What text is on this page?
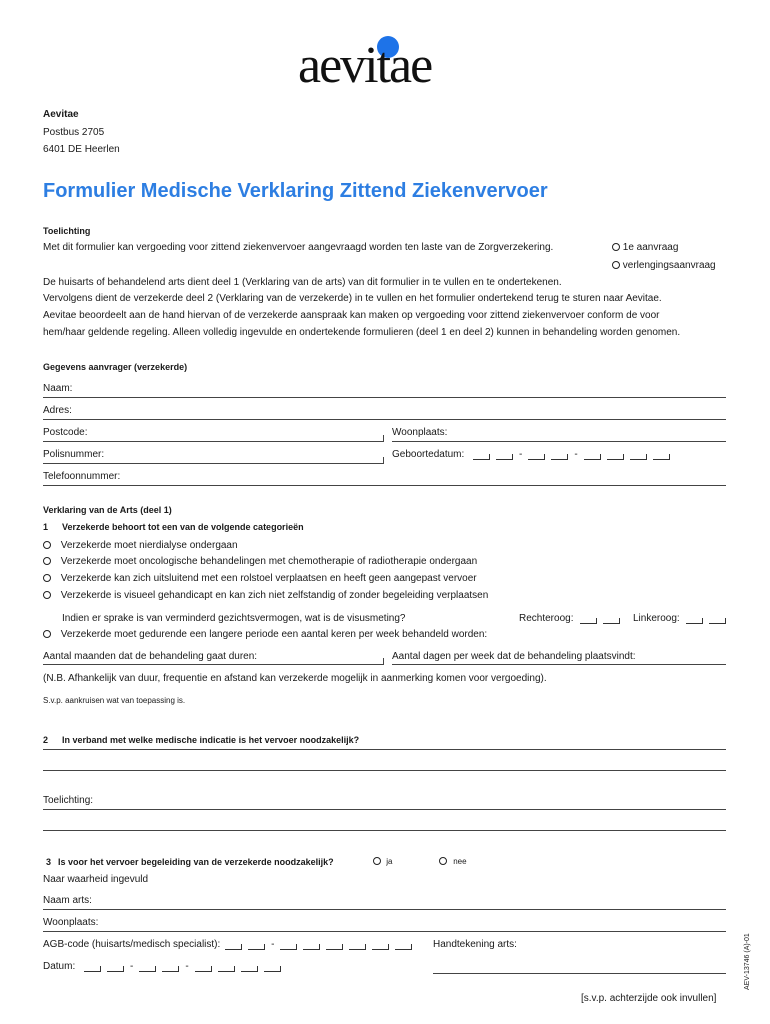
aevitae
Aevitae
Postbus 2705
6401 DE Heerlen
Formulier Medische Verklaring Zittend Ziekenvervoer
Toelichting
Met dit formulier kan vergoeding voor zittend ziekenvervoer aangevraagd worden ten laste van de Zorgverzekering.	1e aanvraag
verlengingsaanvraag
De huisarts of behandelend arts dient deel 1 (Verklaring van de arts) van dit formulier in te vullen en te ondertekenen.
Vervolgens dient de verzekerde deel 2 (Verklaring van de verzekerde) in te vullen en het formulier ondertekend terug te sturen naar Aevitae.
Aevitae beoordeelt aan de hand hiervan of de verzekerde aanspraak kan maken op vergoeding voor zittend ziekenvervoer conform de voor
hem/haar geldende regeling. Alleen volledig ingevulde en ondertekende formulieren (deel 1 en deel 2) kunnen in behandeling worden genomen.
Gegevens aanvrager (verzekerde)
Naam:
Adres:
Postcode:	Woonplaats:
Polisnummer:	Geboortedatum:	-	-
Telefoonnummer:
Verklaring van de Arts (deel 1)
1 Verzekerde behoort tot een van de volgende categorieën
Verzekerde moet nierdialyse ondergaan
Verzekerde moet oncologische behandelingen met chemotherapie of radiotherapie ondergaan
Verzekerde kan zich uitsluitend met een rolstoel verplaatsen en heeft geen aangepast vervoer
Verzekerde is visueel gehandicapt en kan zich niet zelfstandig of zonder begeleiding verplaatsen
Indien er sprake is van verminderd gezichtsvermogen, wat is de visusmeting?	Rechteroog:	Linkeroog:
Verzekerde moet gedurende een langere periode een aantal keren per week behandeld worden:
Aantal maanden dat de behandeling gaat duren:	Aantal dagen per week dat de behandeling plaatsvindt:
(N.B. Afhankelijk van duur, frequentie en afstand kan verzekerde mogelijk in aanmerking komen voor vergoeding).
S.v.p. aankruisen wat van toepassing is.
2 In verband met welke medische indicatie is het vervoer noodzakelijk?
Toelichting:
3 Is voor het vervoer begeleiding van de verzekerde noodzakelijk?	ja	nee
Naar waarheid ingevuld
Naam arts:
Woonplaats:
AGB-code (huisarts/medisch specialist):	-	Handtekening arts:
Datum:	-	-
[s.v.p. achterzijde ook invullen]
AEV-13746 (A)-01
